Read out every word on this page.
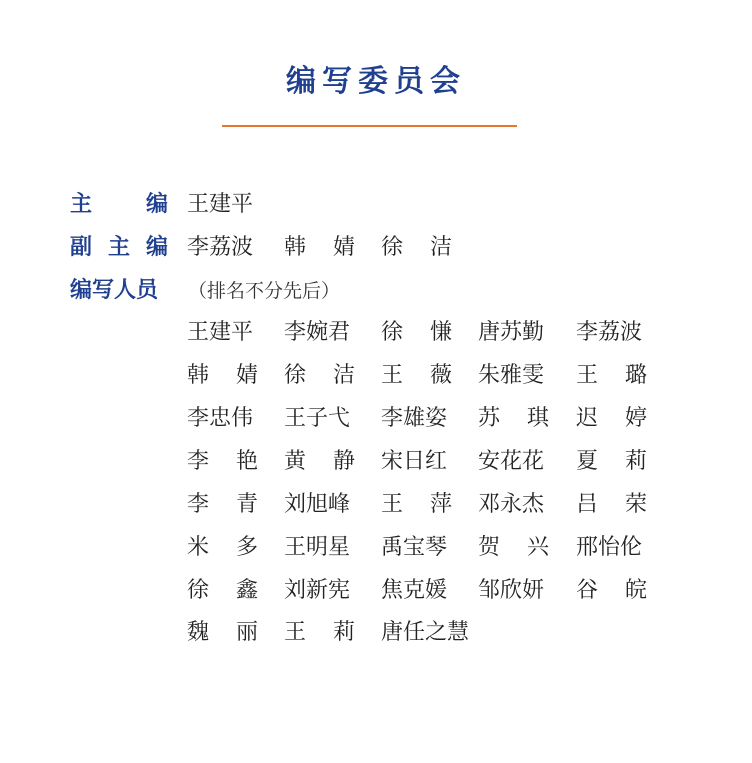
编写委员会
主 编 王建平
副 主 编 李荔波 韩 婧 徐 洁
编 写 人 员 （排名不分先后）
王建平 李婉君 徐 慊 唐苏勤 李荔波
韩 婧 徐 洁 王 薇 朱雅雯 王 璐
李忠伟 王子弋 李雄姿 苏 琪 迟 婷
李 艳 黄 静 宋日红 安花花 夏 莉
李 青 刘旭峰 王 萍 邓永杰 吕 荣
米 多 王明星 禹宝琴 贺 兴 邢怡伦
徐 鑫 刘新宪 焦克媛 邹欣妍 谷 皖
魏 丽 王 莉 唐任之慧
